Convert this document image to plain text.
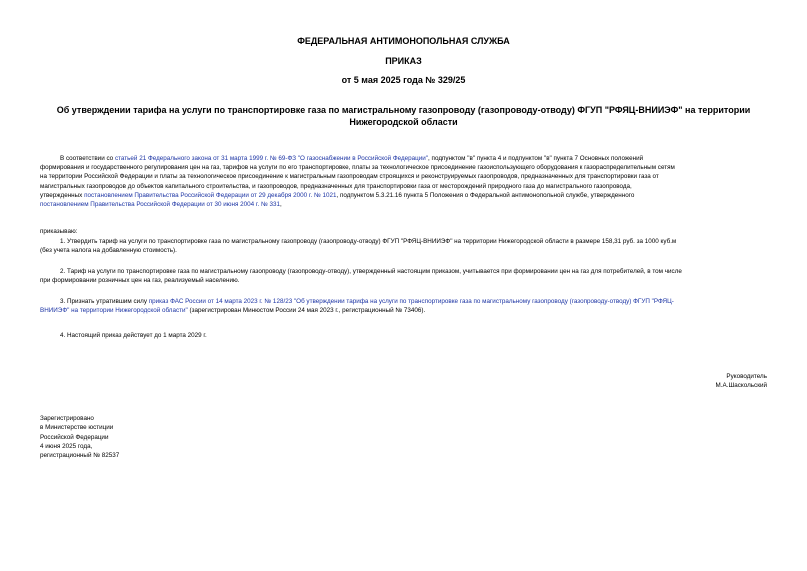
ФЕДЕРАЛЬНАЯ АНТИМОНОПОЛЬНАЯ СЛУЖБА
ПРИКАЗ
от 5 мая 2025 года № 329/25
Об утверждении тарифа на услуги по транспортировке газа по магистральному газопроводу (газопроводу-отводу) ФГУП "РФЯЦ-ВНИИЭФ" на территории
Нижегородской области
В соответствии со статьей 21 Федерального закона от 31 марта 1999 г. № 69-ФЗ "О газоснабжении в Российской Федерации", подпунктом "в" пункта 4 и подпунктом "в" пункта 7 Основных положений
формирования и государственного регулирования цен на газ, тарифов на услуги по его транспортировке, платы за технологическое присоединение газоиспользующего оборудования к газораспределительным сетям
на территории Российской Федерации и платы за технологическое присоединение к магистральным газопроводам строящихся и реконструируемых газопроводов, предназначенных для транспортировки газа от
магистральных газопроводов до объектов капитального строительства, и газопроводов, предназначенных для транспортировки газа от месторождений природного газа до магистрального газопровода,
утвержденных постановлением Правительства Российской Федерации от 29 декабря 2000 г. № 1021, подпунктом 5.3.21.16 пункта 5 Положения о Федеральной антимонопольной службе, утвержденного
постановлением Правительства Российской Федерации от 30 июня 2004 г. № 331,
приказываю:
1. Утвердить тариф на услуги по транспортировке газа по магистральному газопроводу (газопроводу-отводу) ФГУП "РФЯЦ-ВНИИЭФ" на территории Нижегородской области в размере 158,31 руб. за 1000 куб.м
(без учета налога на добавленную стоимость).
2. Тариф на услуги по транспортировке газа по магистральному газопроводу (газопроводу-отводу), утвержденный настоящим приказом, учитывается при формировании цен на газ для потребителей, в том числе
при формировании розничных цен на газ, реализуемый населению.
3. Признать утратившим силу приказ ФАС России от 14 марта 2023 г. № 128/23 "Об утверждении тарифа на услуги по транспортировке газа по магистральному газопроводу (газопроводу-отводу) ФГУП "РФЯЦ-
ВНИИЭФ" на территории Нижегородской области" (зарегистрирован Минюстом России 24 мая 2023 г., регистрационный № 73406).
4. Настоящий приказ действует до 1 марта 2029 г.
Руководитель
М.А.Шаскольский
Зарегистрировано
в Министерстве юстиции
Российской Федерации
4 июня 2025 года,
регистрационный № 82537
